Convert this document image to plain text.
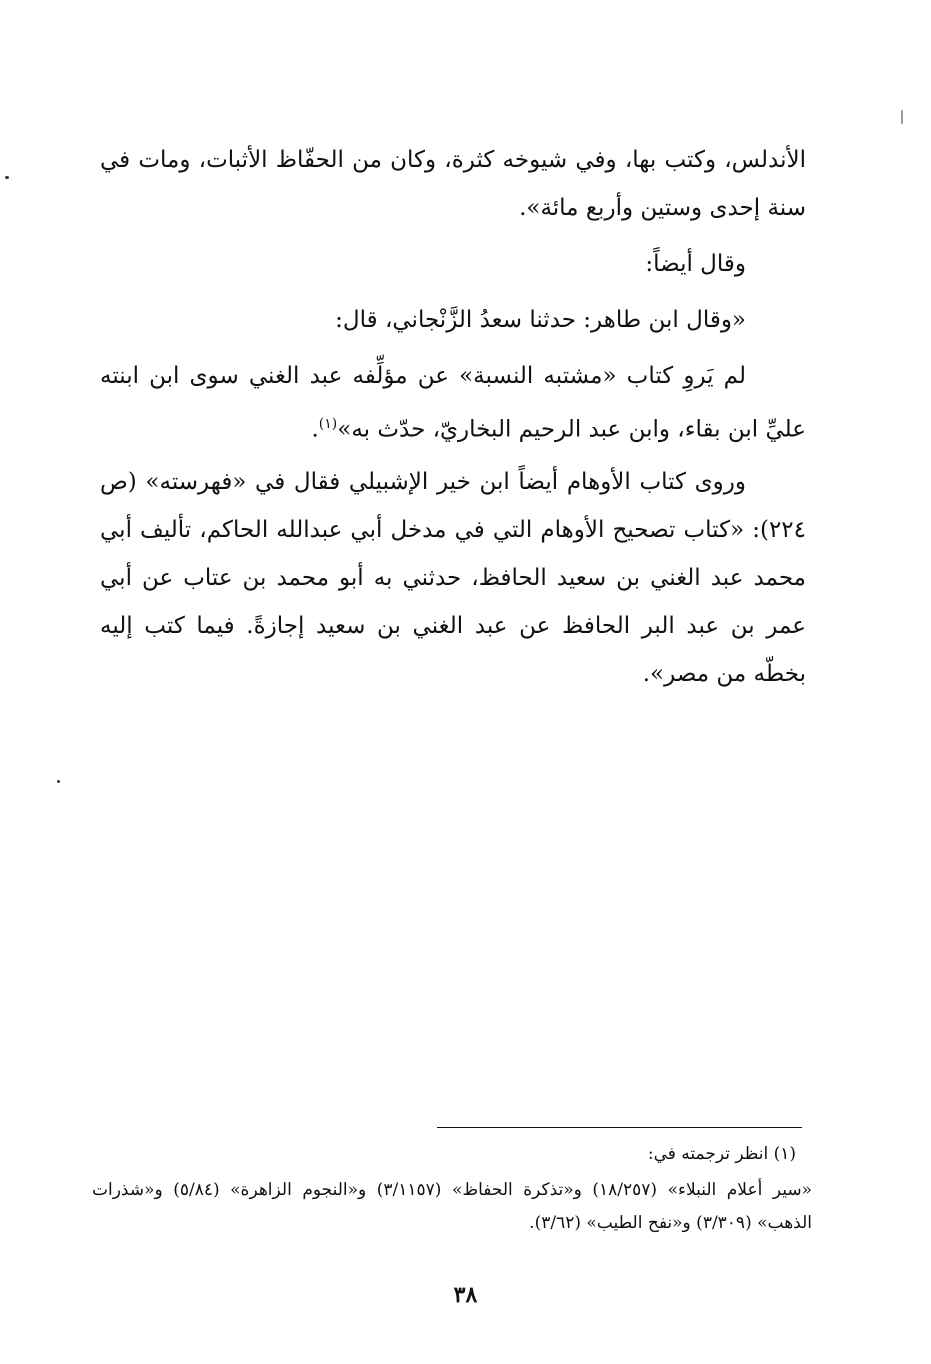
الأندلس، وكتب بها، وفي شيوخه كثرة، وكان من الحفّاظ الأثبات، ومات في سنة إحدى وستين وأربع مائة».

وقال أيضاً:

«وقال ابن طاهر: حدثنا سعدُ الزَّنْجاني، قال:

لم يَروِ كتاب «مشتبه النسبة» عن مؤلِّفه عبد الغني سوى ابن ابنته عليِّ ابن بقاء، وابن عبد الرحيم البخاريّ، حدّث به»$^{(١)}$.

وروى كتاب الأوهام أيضاً ابن خير الإشبيلي فقال في «فهرسته» (ص ٢٢٤): «كتاب تصحيح الأوهام التي في مدخل أبي عبدالله الحاكم، تأليف أبي محمد عبد الغني بن سعيد الحافظ، حدثني به أبو محمد بن عتاب عن أبي عمر بن عبد البر الحافظ عن عبد الغني بن سعيد إجازةً. فيما كتب إليه بخطّه من مصر».

(١) انظر ترجمته في:
«سير أعلام النبلاء» (١٨/٢٥٧) و«تذكرة الحفاظ» (٣/١١٥٧) و«النجوم الزاهرة» (٥/٨٤) و«شذرات الذهب» (٣/٣٠٩) و«نفح الطيب» (٣/٦٢).
٣٨
